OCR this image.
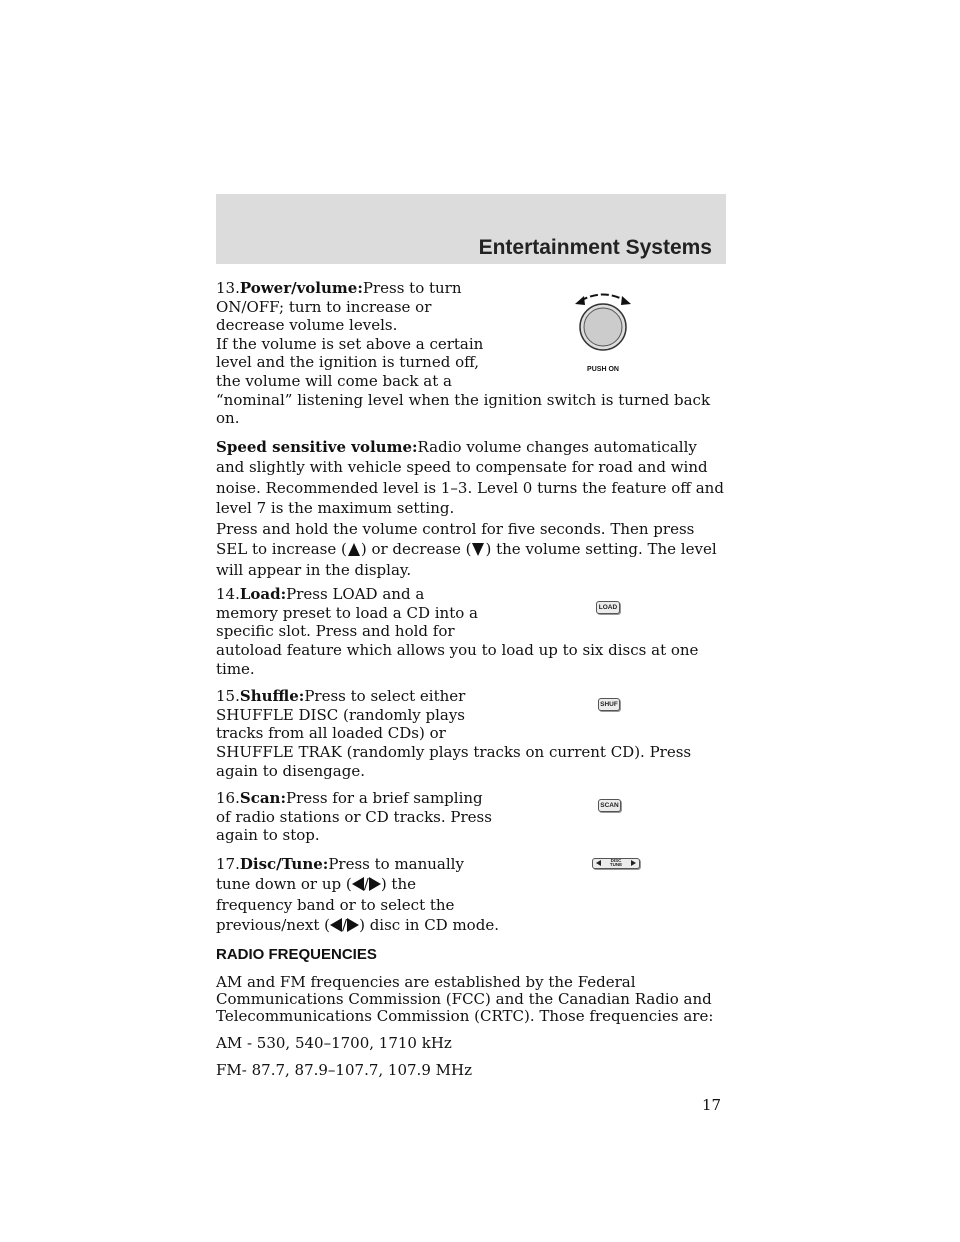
Entertainment Systems
PUSH ON

13.Power/volume:Press to turn

ON/OFF; turn to increase or

decrease volume levels.

If the volume is set above a certain

level and the ignition is turned off,

the volume will come back at a

“nominal” listening level when the ignition switch is turned back on.

Speed sensitive volume:Radio volume changes automatically and slightly with vehicle speed to compensate for road and wind noise. Recommended level is 1–3. Level 0 turns the feature off and level 7 is the maximum setting.

Press and hold the volume control for five seconds. Then press SEL to increase ( ) or decrease ( ) the volume setting. The level will appear in the display.

LOAD

14.Load:Press LOAD and a

memory preset to load a CD into a

specific slot. Press and hold for

autoload feature which allows you to load up to six discs at one time.

SHUF

15.Shuffle:Press to select either

SHUFFLE DISC (randomly plays

tracks from all loaded CDs) or

SHUFFLE TRAK (randomly plays tracks on current CD). Press again to disengage.

SCAN

16.Scan:Press for a brief sampling

of radio stations or CD tracks. Press

again to stop.

DISC
TUNE

17.Disc/Tune:Press to manually

tune down or up ( / ) the

frequency band or to select the

previous/next ( / ) disc in CD mode.

RADIO FREQUENCIES

AM and FM frequencies are established by the Federal Communications Commission (FCC) and the Canadian Radio and Telecommunications Commission (CRTC). Those frequencies are:

AM - 530, 540–1700, 1710 kHz

FM- 87.7, 87.9–107.7, 107.9 MHz

17
